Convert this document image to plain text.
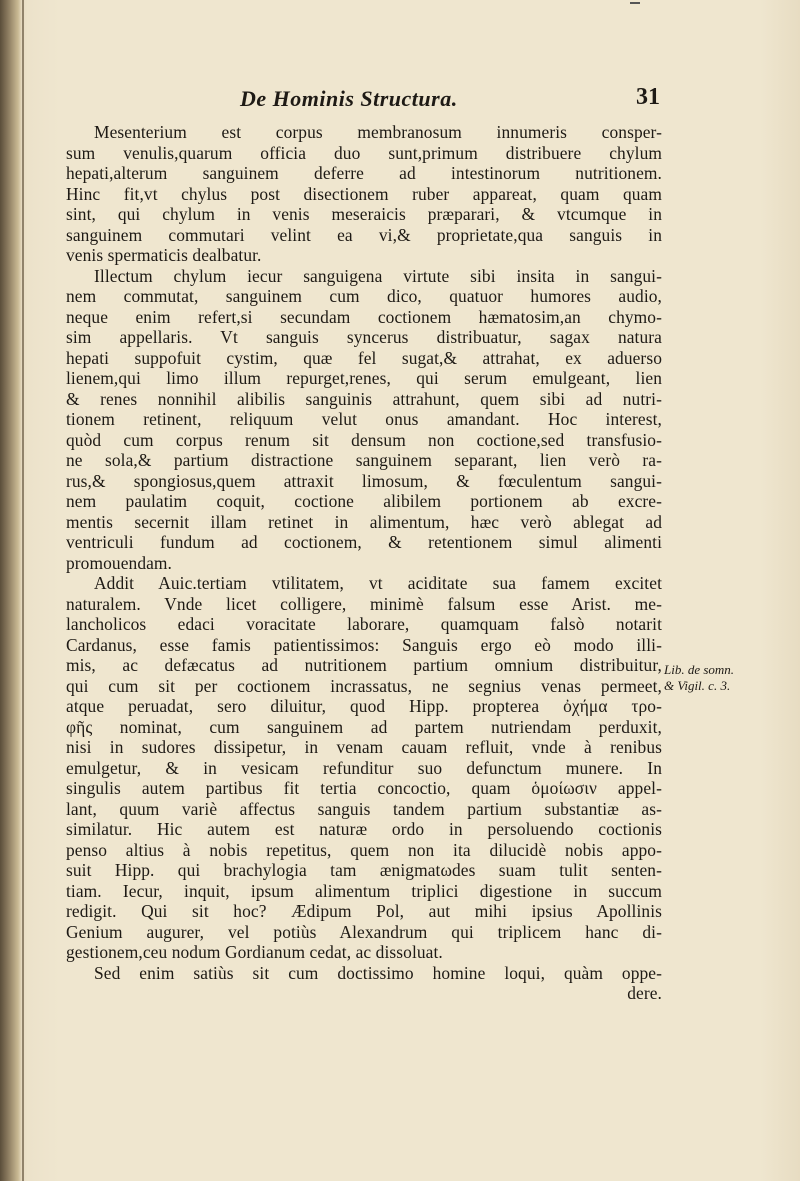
De Hominis Structura.	31
Mesenterium est corpus membranosum innumeris consper-
sum venulis,quarum officia duo sunt,primum distribuere chylum
hepati,alterum sanguinem deferre ad intestinorum nutritionem.
Hinc fit,vt chylus post disectionem ruber appareat, quam quam
sint, qui chylum in venis meseraicis præparari, & vtcumque in
sanguinem commutari velint ea vi,& proprietate,qua sanguis in
venis spermaticis dealbatur.
Illectum chylum iecur sanguigena virtute sibi insita in sangui-
nem commutat, sanguinem cum dico, quatuor humores audio,
neque enim refert,si secundam coctionem hæmatosim,an chymo-
sim appellaris. Vt sanguis syncerus distribuatur, sagax natura
hepati suppofuit cystim, quæ fel sugat,& attrahat, ex aduerso
lienem,qui limo illum repurget,renes, qui serum emulgeant, lien
& renes nonnihil alibilis sanguinis attrahunt, quem sibi ad nutri-
tionem retinent, reliquum velut onus amandant. Hoc interest,
quòd cum corpus renum sit densum non coctione,sed transfusio-
ne sola,& partium distractione sanguinem separant, lien verò ra-
rus,& spongiosus,quem attraxit limosum, & fœculentum sangui-
nem paulatim coquit, coctione alibilem portionem ab excre-
mentis secernit illam retinet in alimentum, hæc verò ablegat ad
ventriculi fundum ad coctionem, & retentionem simul alimenti
promouendam.
Addit Auic.tertiam vtilitatem, vt aciditate sua famem excitet
naturalem. Vnde licet colligere, minimè falsum esse Arist. me-
lancholicos edaci voracitate laborare, quamquam falsò notarit
Cardanus, esse famis patientissimos: Sanguis ergo eò modo illi-
mis, ac defæcatus ad nutritionem partium omnium distribuitur,
qui cum sit per coctionem incrassatus, ne segnius venas permeet,
atque peruadat, sero diluitur, quod Hipp. propterea ὀχήμα τρο-
φῆς nominat, cum sanguinem ad partem nutriendam perduxit,
nisi in sudores dissipetur, in venam cauam refluit, vnde à renibus
emulgetur, & in vesicam refunditur suo defunctum munere. In
singulis autem partibus fit tertia concoctio, quam ὁμοίωσιν appel-
lant, quum variè affectus sanguis tandem partium substantiæ as-
similatur. Hic autem est naturæ ordo in persoluendo coctionis
penso altius à nobis repetitus, quem non ita dilucidè nobis appo-
suit Hipp. qui brachylogia tam ænigmatωdes suam tulit senten-
tiam. Iecur, inquit, ipsum alimentum triplici digestione in succum
redigit. Qui sit hoc? Ædipum Pol, aut mihi ipsius Apollinis
Genium augurer, vel potiùs Alexandrum qui triplicem hanc di-
gestionem,ceu nodum Gordianum cedat, ac dissoluat.
Sed enim satiùs sit cum doctissimo homine loqui, quàm oppe-
dere.
Lib. de somn.
& Vigil. c. 3.
